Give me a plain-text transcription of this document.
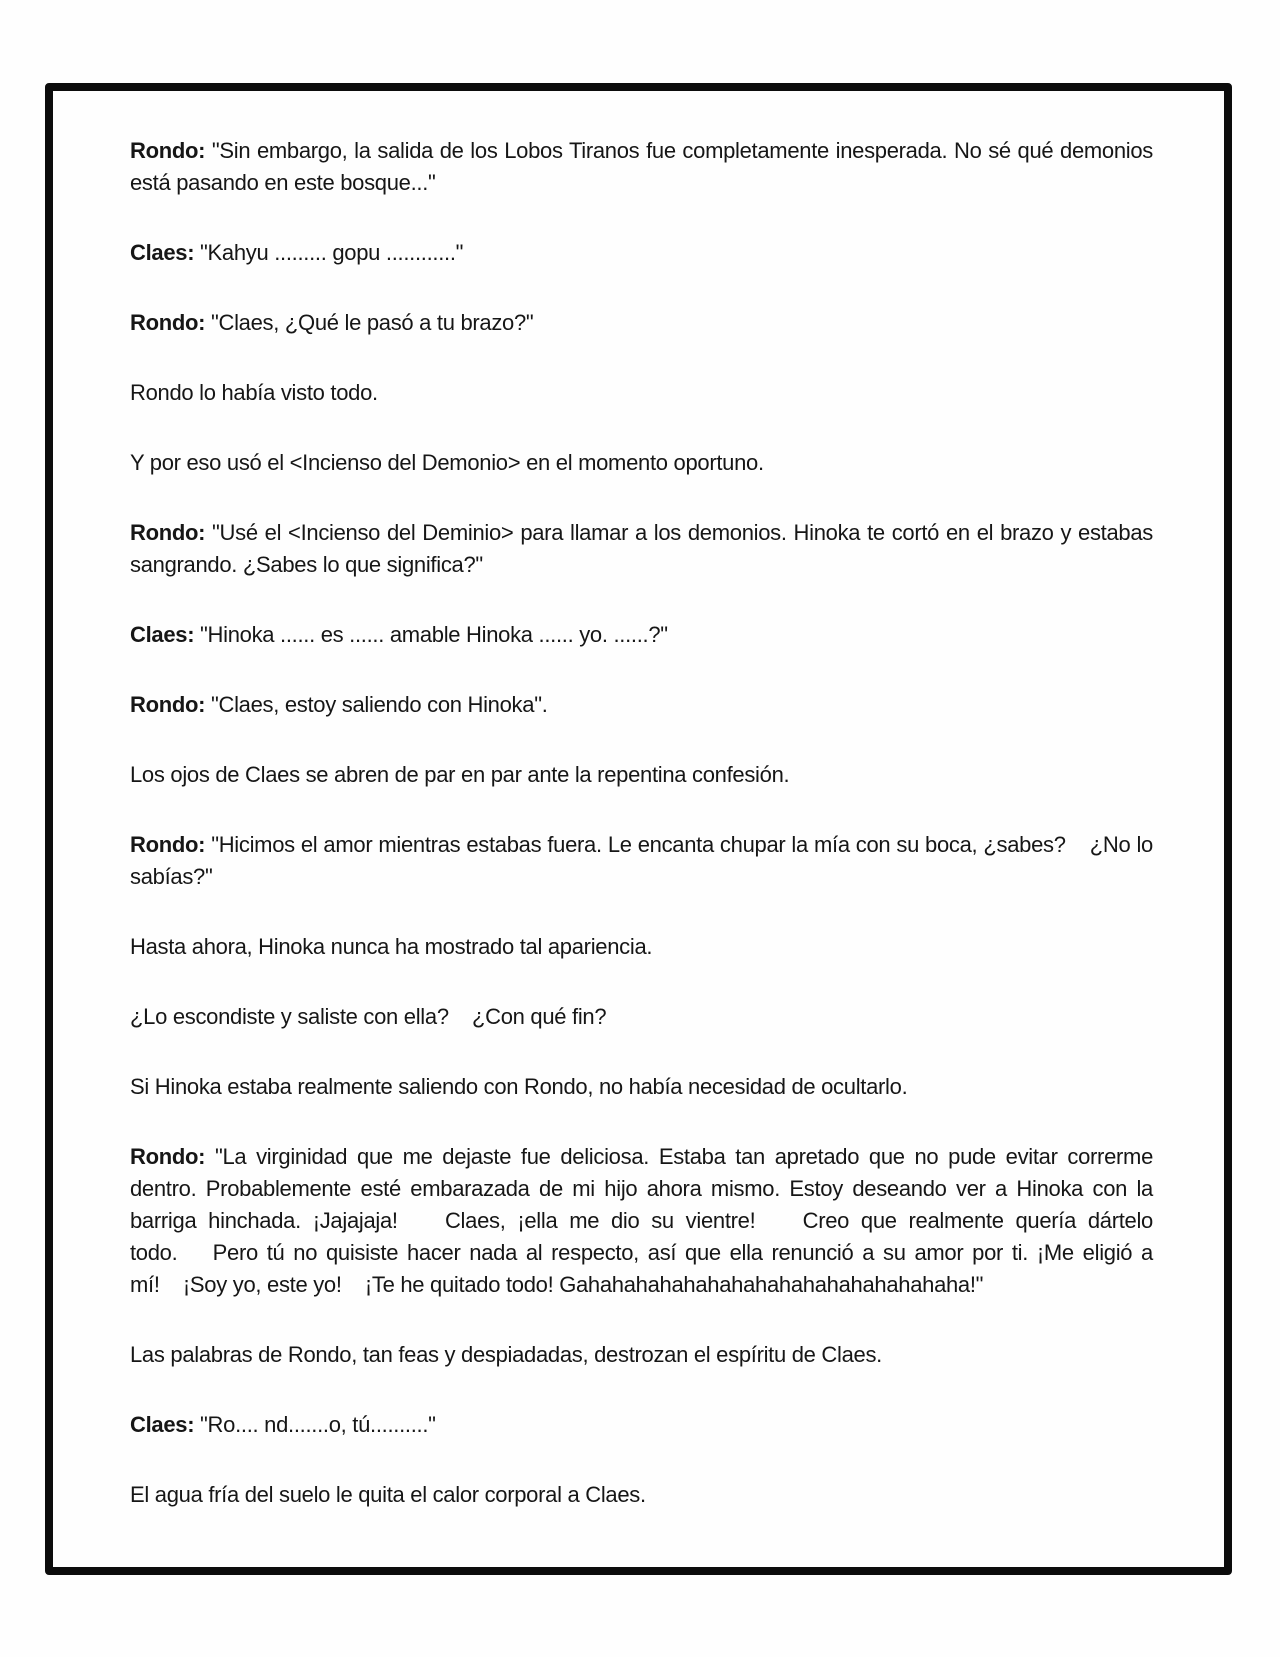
Rondo: "Sin embargo, la salida de los Lobos Tiranos fue completamente inesperada. No sé qué demonios está pasando en este bosque..."

Claes: "Kahyu ......... gopu ............"

Rondo: "Claes, ¿Qué le pasó a tu brazo?"

Rondo lo había visto todo.

Y por eso usó el <Incienso del Demonio> en el momento oportuno.

Rondo: "Usé el <Incienso del Deminio> para llamar a los demonios. Hinoka te cortó en el brazo y estabas sangrando. ¿Sabes lo que significa?"

Claes: "Hinoka ...... es ...... amable Hinoka ...... yo. ......?"

Rondo: "Claes, estoy saliendo con Hinoka".

Los ojos de Claes se abren de par en par ante la repentina confesión.

Rondo: "Hicimos el amor mientras estabas fuera. Le encanta chupar la mía con su boca, ¿sabes?    ¿No lo sabías?"

Hasta ahora, Hinoka nunca ha mostrado tal apariencia.

¿Lo escondiste y saliste con ella?    ¿Con qué fin?

Si Hinoka estaba realmente saliendo con Rondo, no había necesidad de ocultarlo.

Rondo: "La virginidad que me dejaste fue deliciosa. Estaba tan apretado que no pude evitar correrme dentro. Probablemente esté embarazada de mi hijo ahora mismo. Estoy deseando ver a Hinoka con la barriga hinchada. ¡Jajajaja!    Claes, ¡ella me dio su vientre!    Creo que realmente quería dártelo todo.    Pero tú no quisiste hacer nada al respecto, así que ella renunció a su amor por ti. ¡Me eligió a mí!    ¡Soy yo, este yo!    ¡Te he quitado todo! Gahahahahahahahahahahahahahahahaha!"

Las palabras de Rondo, tan feas y despiadadas, destrozan el espíritu de Claes.

Claes: "Ro.... nd.......o, tú.........."

El agua fría del suelo le quita el calor corporal a Claes.
